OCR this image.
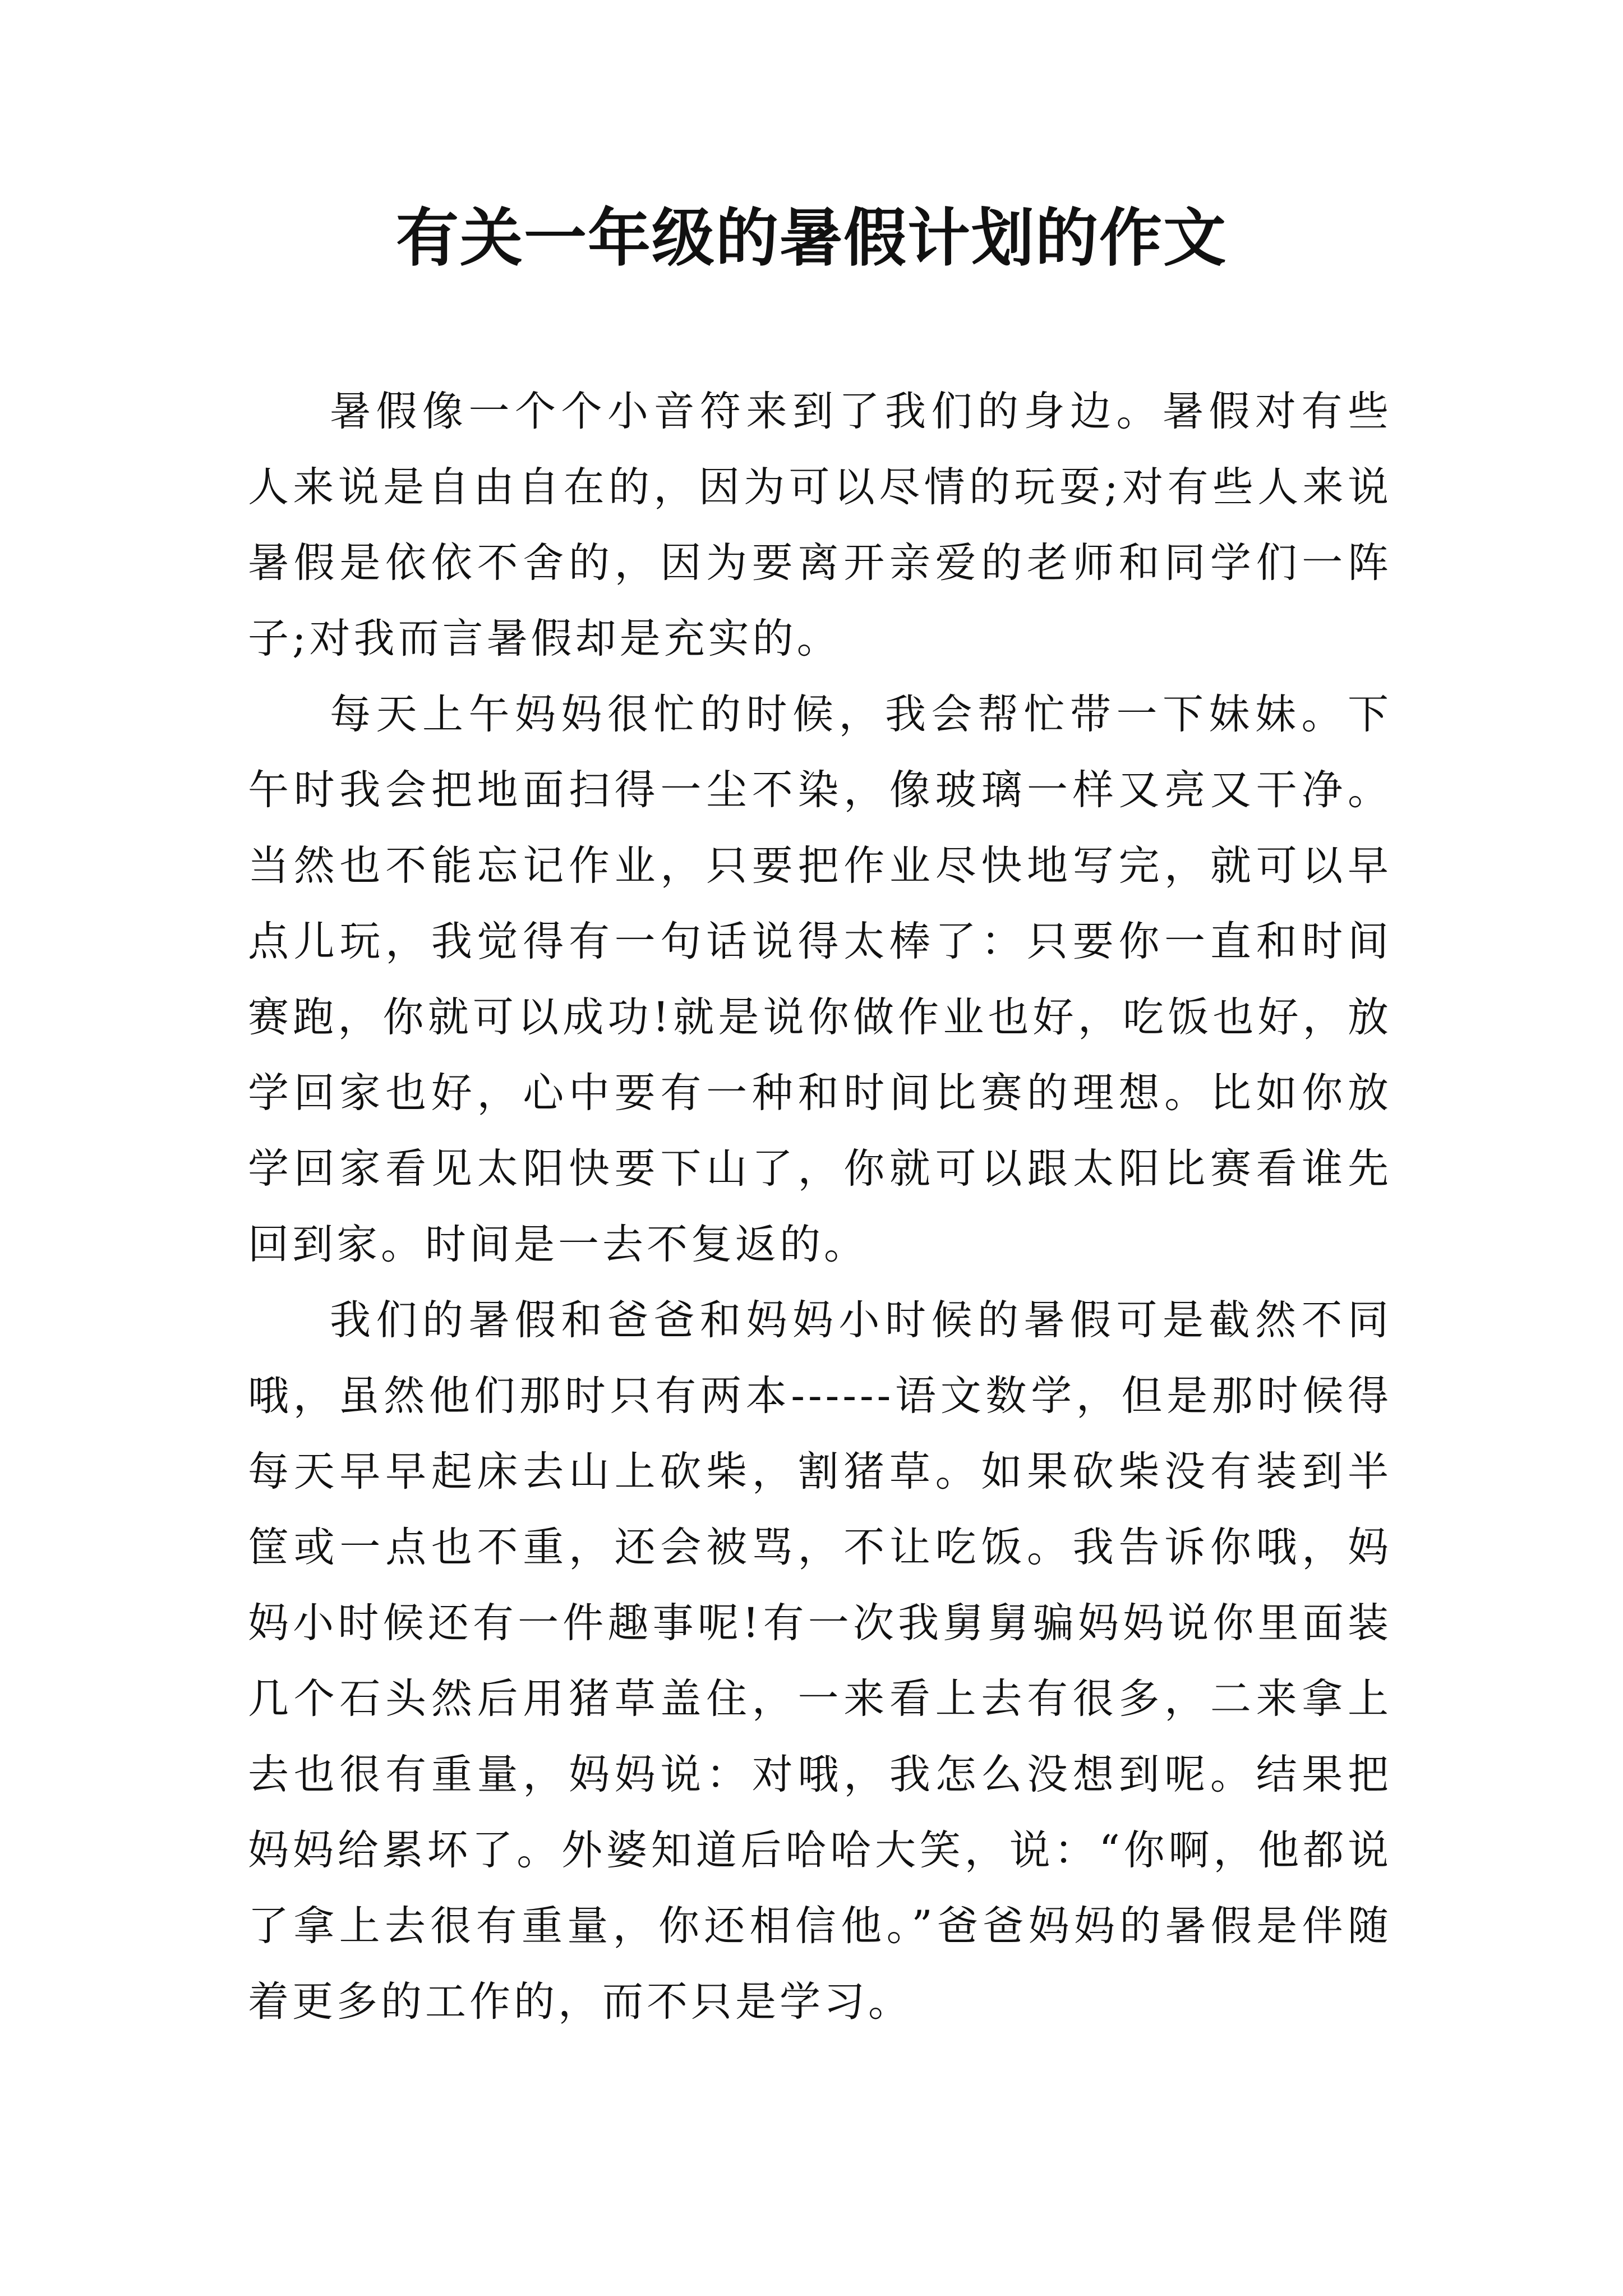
有关一年级的暑假计划的作文

暑假像一个个小音符来到了我们的身边。暑假对有些人来说是自由自在的，因为可以尽情的玩耍;对有些人来说暑假是依依不舍的，因为要离开亲爱的老师和同学们一阵子;对我而言暑假却是充实的。

每天上午妈妈很忙的时候，我会帮忙带一下妹妹。下午时我会把地面扫得一尘不染，像玻璃一样又亮又干净。当然也不能忘记作业，只要把作业尽快地写完，就可以早点儿玩，我觉得有一句话说得太棒了：只要你一直和时间赛跑，你就可以成功!就是说你做作业也好，吃饭也好，放学回家也好，心中要有一种和时间比赛的理想。比如你放学回家看见太阳快要下山了，你就可以跟太阳比赛看谁先回到家。时间是一去不复返的。

我们的暑假和爸爸和妈妈小时候的暑假可是截然不同哦，虽然他们那时只有两本------语文数学，但是那时候得每天早早起床去山上砍柴，割猪草。如果砍柴没有装到半筐或一点也不重，还会被骂，不让吃饭。我告诉你哦，妈妈小时候还有一件趣事呢!有一次我舅舅骗妈妈说你里面装几个石头然后用猪草盖住，一来看上去有很多，二来拿上去也很有重量，妈妈说：对哦，我怎么没想到呢。结果把妈妈给累坏了。外婆知道后哈哈大笑，说：“你啊，他都说了拿上去很有重量，你还相信他。”爸爸妈妈的暑假是伴随着更多的工作的，而不只是学习。
